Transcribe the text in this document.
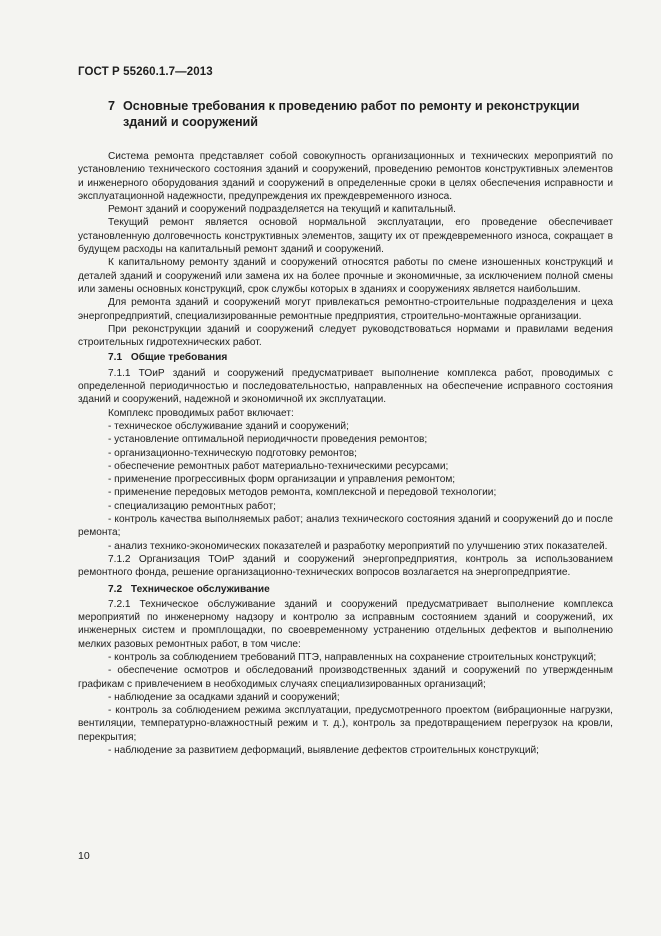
ГОСТ Р 55260.1.7—2013
7 Основные требования к проведению работ по ремонту и реконструкции зданий и сооружений

Система ремонта представляет собой совокупность организационных и технических мероприятий по установлению технического состояния зданий и сооружений, проведению ремонтов конструктивных элементов и инженерного оборудования зданий и сооружений в определенные сроки в целях обеспечения исправности и эксплуатационной надежности, предупреждения их преждевременного износа.

Ремонт зданий и сооружений подразделяется на текущий и капитальный.

Текущий ремонт является основой нормальной эксплуатации, его проведение обеспечивает установленную долговечность конструктивных элементов, защиту их от преждевременного износа, сокращает в будущем расходы на капитальный ремонт зданий и сооружений.

К капитальному ремонту зданий и сооружений относятся работы по смене изношенных конструкций и деталей зданий и сооружений или замена их на более прочные и экономичные, за исключением полной смены или замены основных конструкций, срок службы которых в зданиях и сооружениях является наибольшим.

Для ремонта зданий и сооружений могут привлекаться ремонтно-строительные подразделения и цеха энергопредприятий, специализированные ремонтные предприятия, строительно-монтажные организации.

При реконструкции зданий и сооружений следует руководствоваться нормами и правилами ведения строительных гидротехнических работ.

7.1 Общие требования

7.1.1 ТОиР зданий и сооружений предусматривает выполнение комплекса работ, проводимых с определенной периодичностью и последовательностью, направленных на обеспечение исправного состояния зданий и сооружений, надежной и экономичной их эксплуатации.

Комплекс проводимых работ включает:

- техническое обслуживание зданий и сооружений;

- установление оптимальной периодичности проведения ремонтов;

- организационно-техническую подготовку ремонтов;

- обеспечение ремонтных работ материально-техническими ресурсами;

- применение прогрессивных форм организации и управления ремонтом;

- применение передовых методов ремонта, комплексной и передовой технологии;

- специализацию ремонтных работ;

- контроль качества выполняемых работ; анализ технического состояния зданий и сооружений до и после ремонта;

- анализ технико-экономических показателей и разработку мероприятий по улучшению этих показателей.

7.1.2 Организация ТОиР зданий и сооружений энергопредприятия, контроль за использованием ремонтного фонда, решение организационно-технических вопросов возлагается на энергопредприятие.

7.2 Техническое обслуживание

7.2.1 Техническое обслуживание зданий и сооружений предусматривает выполнение комплекса мероприятий по инженерному надзору и контролю за исправным состоянием зданий и сооружений, их инженерных систем и промплощадки, по своевременному устранению отдельных дефектов и выполнению мелких разовых ремонтных работ, в том числе:

- контроль за соблюдением требований ПТЭ, направленных на сохранение строительных конструкций;

- обеспечение осмотров и обследований производственных зданий и сооружений по утвержденным графикам с привлечением в необходимых случаях специализированных организаций;

- наблюдение за осадками зданий и сооружений;

- контроль за соблюдением режима эксплуатации, предусмотренного проектом (вибрационные нагрузки, вентиляции, температурно-влажностный режим и т. д.), контроль за предотвращением перегрузок на кровли, перекрытия;

- наблюдение за развитием деформаций, выявление дефектов строительных конструкций;

10
